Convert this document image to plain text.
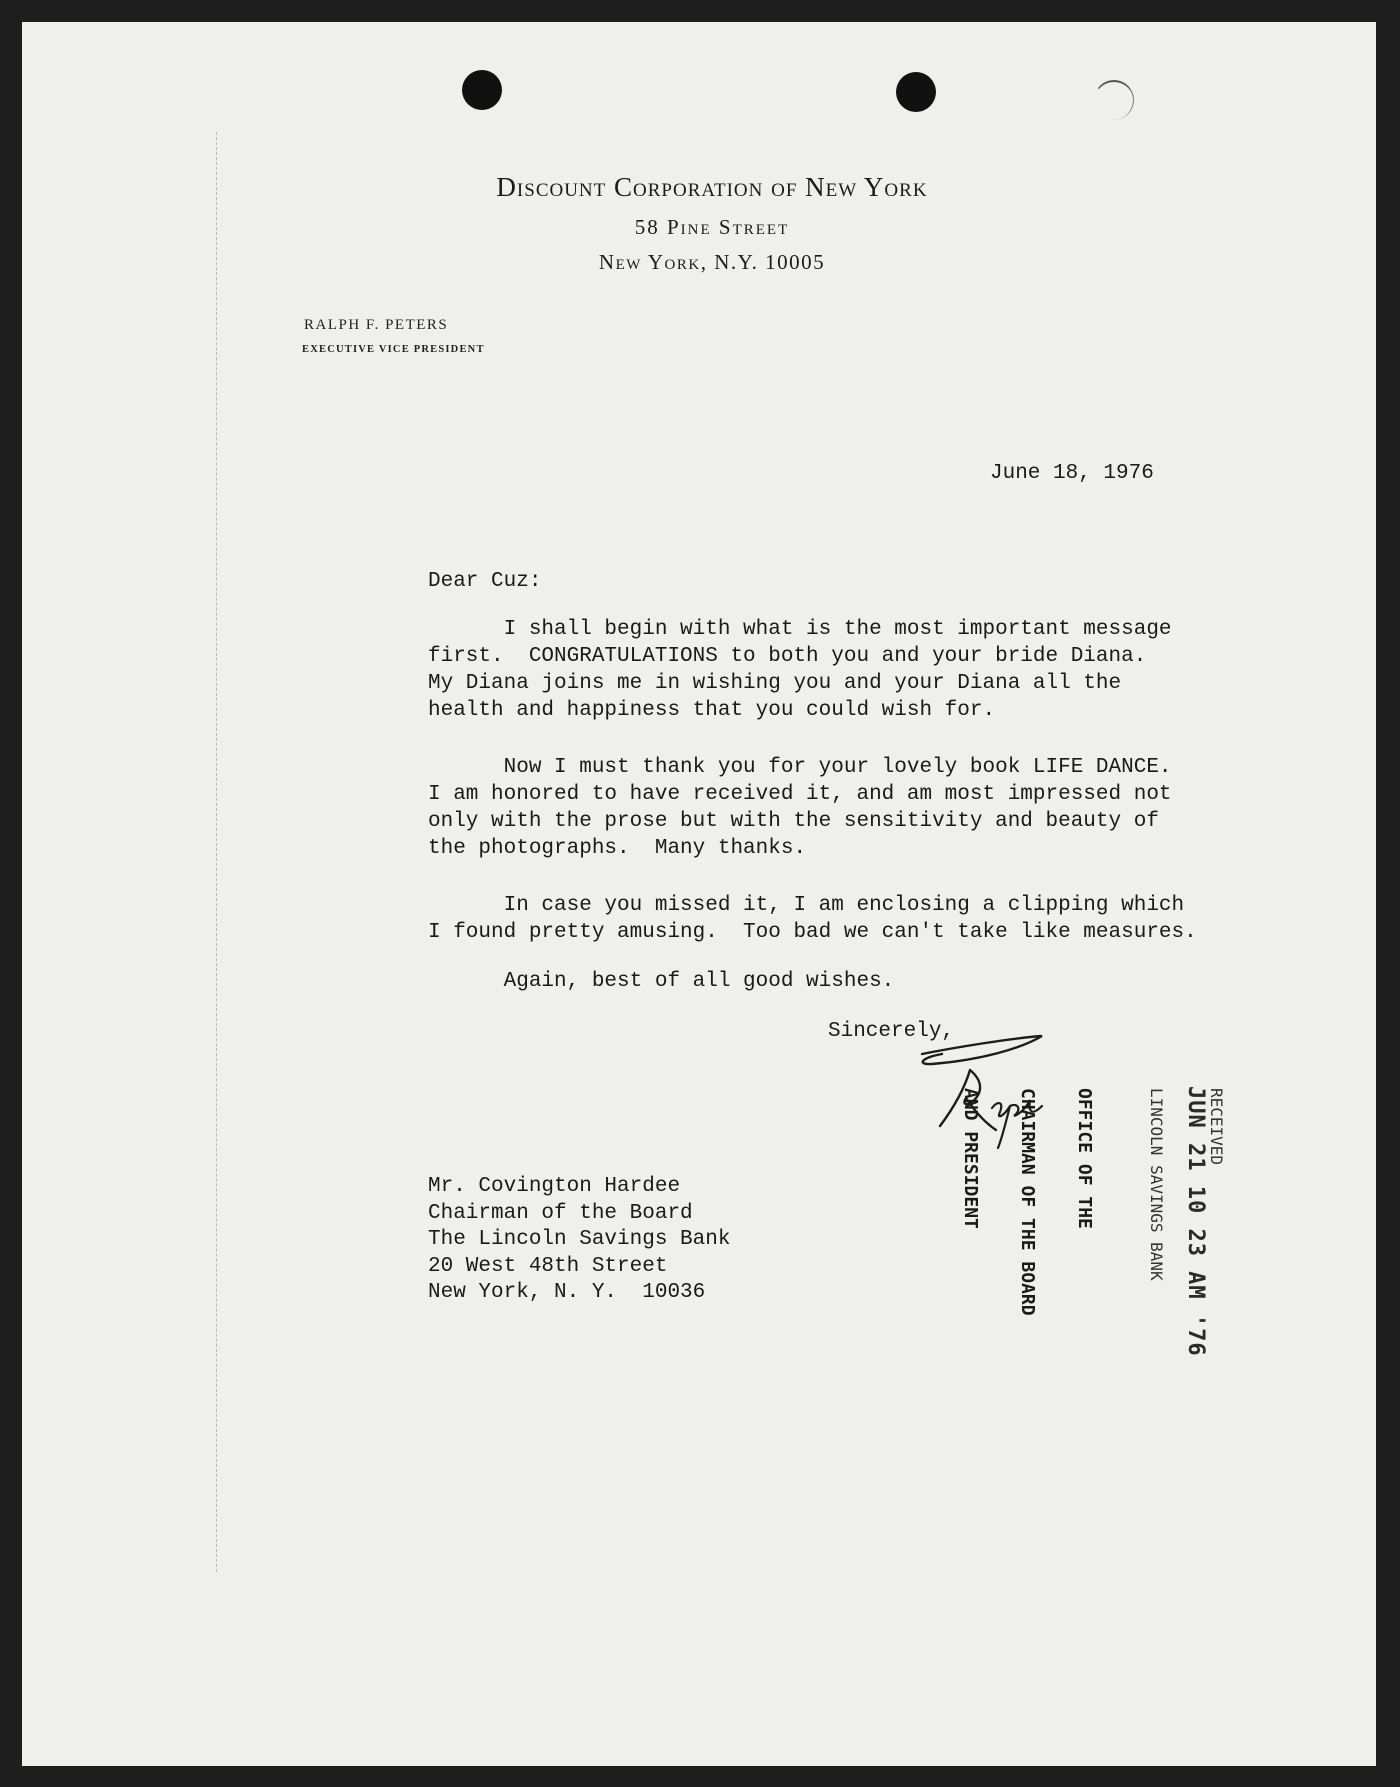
Discount Corporation of New York
58 Pine Street
New York, N.Y. 10005
RALPH F. PETERS
EXECUTIVE VICE PRESIDENT
June 18, 1976
Dear Cuz:

I shall begin with what is the most important message
first.  CONGRATULATIONS to both you and your bride Diana.
My Diana joins me in wishing you and your Diana all the
health and happiness that you could wish for.

Now I must thank you for your lovely book LIFE DANCE.
I am honored to have received it, and am most impressed not
only with the prose but with the sensitivity and beauty of
the photographs.  Many thanks.

In case you missed it, I am enclosing a clipping which
I found pretty amusing.  Too bad we can't take like measures.

Again, best of all good wishes.

Sincerely,
Mr. Covington Hardee
Chairman of the Board
The Lincoln Savings Bank
20 West 48th Street
New York, N. Y.  10036

OFFICE OF THE

CHAIRMAN OF THE BOARD

AND PRESIDENT

	JUN 21 10 23 AM '76

RECEIVED

LINCOLN SAVINGS BANK
